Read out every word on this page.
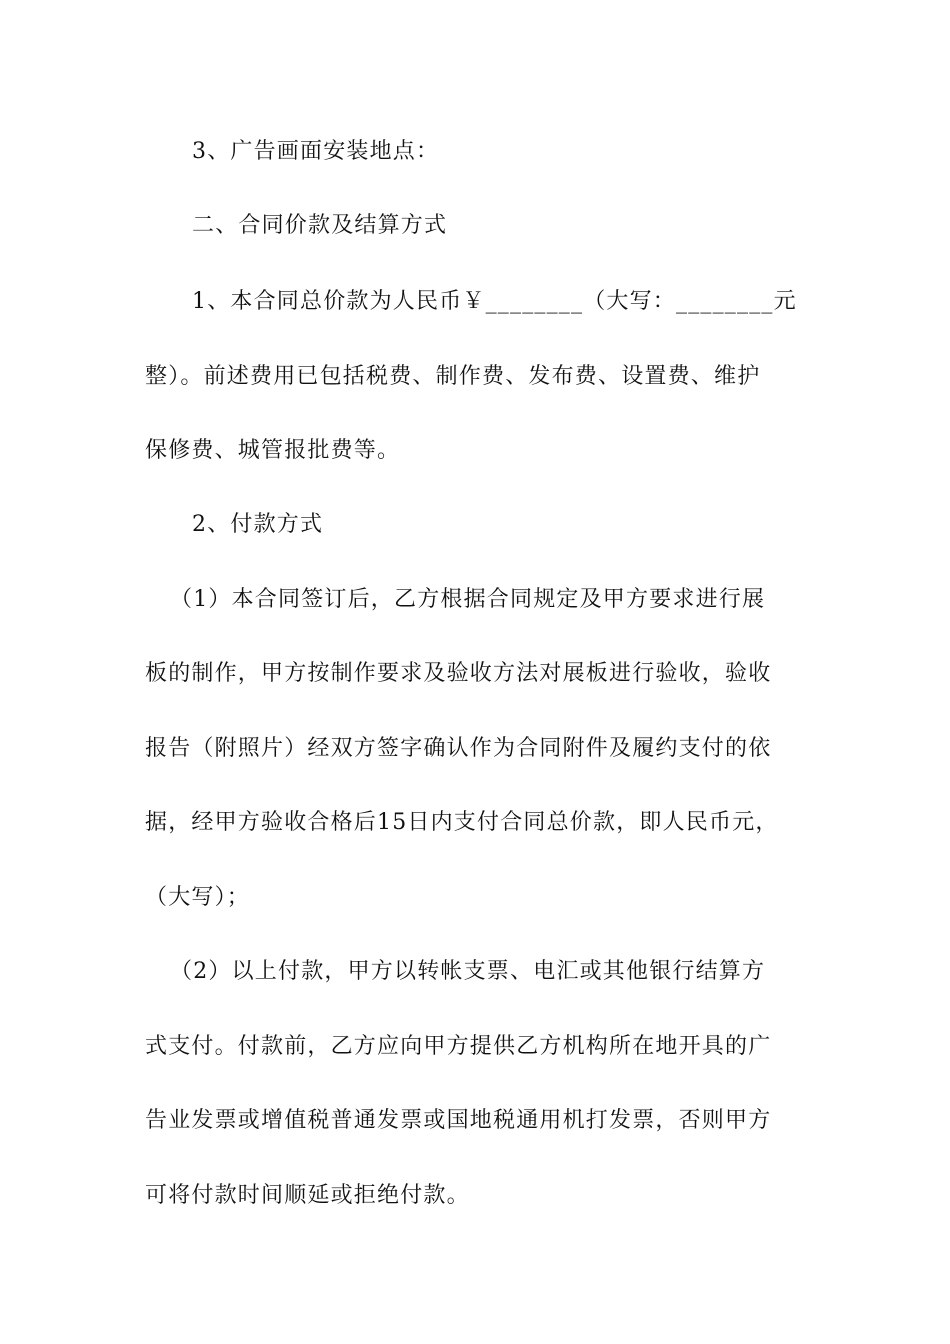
3、广告画面安装地点：
二、合同价款及结算方式
1、本合同总价款为人民币￥________（大写：________元
整）。前述费用已包括税费、制作费、发布费、设置费、维护
保修费、城管报批费等。
2、付款方式
（1）本合同签订后，乙方根据合同规定及甲方要求进行展
板的制作，甲方按制作要求及验收方法对展板进行验收，验收
报告（附照片）经双方签字确认作为合同附件及履约支付的依
据，经甲方验收合格后15日内支付合同总价款，即人民币元，
（大写）；
（2）以上付款，甲方以转帐支票、电汇或其他银行结算方
式支付。付款前，乙方应向甲方提供乙方机构所在地开具的广
告业发票或增值税普通发票或国地税通用机打发票，否则甲方
可将付款时间顺延或拒绝付款。
